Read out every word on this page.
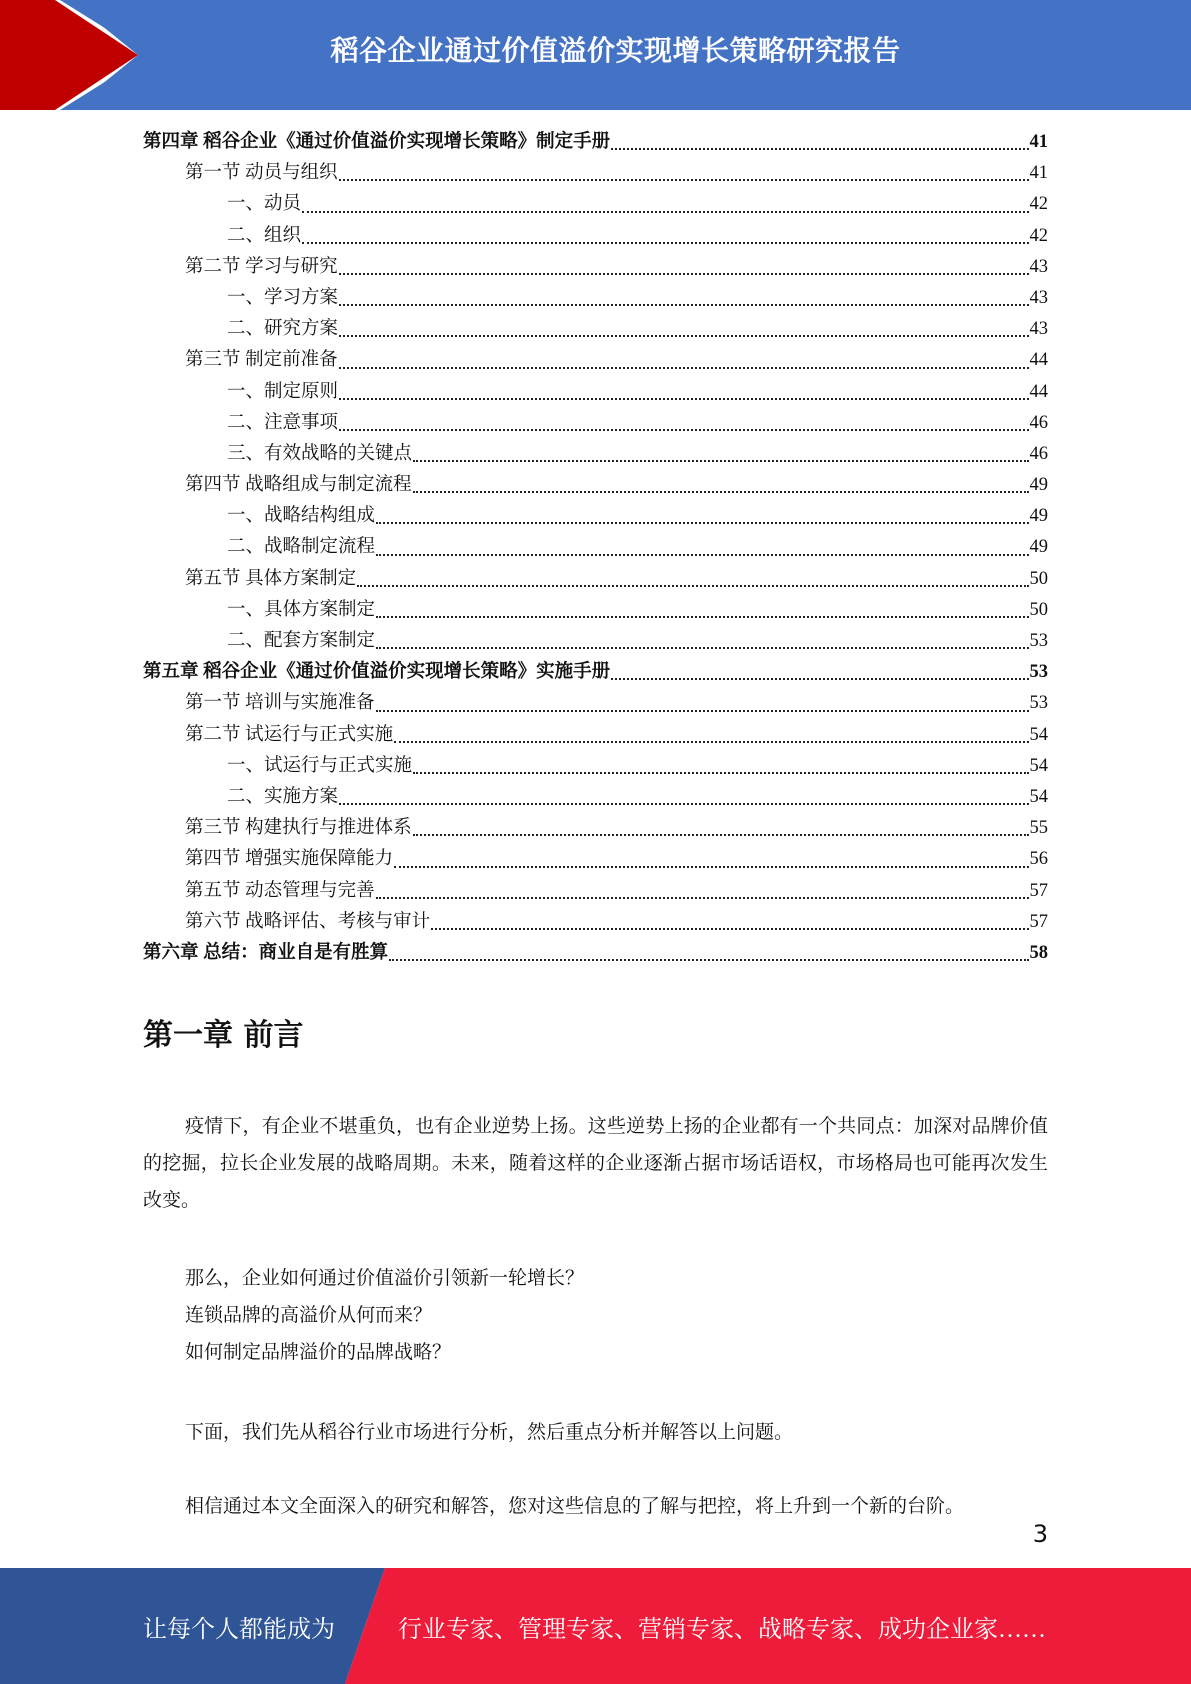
稻谷企业通过价值溢价实现增长策略研究报告
第四章 稻谷企业《通过价值溢价实现增长策略》制定手册	41
第一节 动员与组织	41
一、动员	42
二、组织	42
第二节 学习与研究	43
一、学习方案	43
二、研究方案	43
第三节 制定前准备	44
一、制定原则	44
二、注意事项	46
三、有效战略的关键点	46
第四节 战略组成与制定流程	49
一、战略结构组成	49
二、战略制定流程	49
第五节 具体方案制定	50
一、具体方案制定	50
二、配套方案制定	53
第五章 稻谷企业《通过价值溢价实现增长策略》实施手册	53
第一节 培训与实施准备	53
第二节 试运行与正式实施	54
一、试运行与正式实施	54
二、实施方案	54
第三节 构建执行与推进体系	55
第四节 增强实施保障能力	56
第五节 动态管理与完善	57
第六节 战略评估、考核与审计	57
第六章 总结：商业自是有胜算	58
第一章 前言

疫情下，有企业不堪重负，也有企业逆势上扬。这些逆势上扬的企业都有一个共同点：加深对品牌价值的挖掘，拉长企业发展的战略周期。未来，随着这样的企业逐渐占据市场话语权，市场格局也可能再次发生改变。

那么，企业如何通过价值溢价引领新一轮增长？

连锁品牌的高溢价从何而来？

如何制定品牌溢价的品牌战略？

下面，我们先从稻谷行业市场进行分析，然后重点分析并解答以上问题。

相信通过本文全面深入的研究和解答，您对这些信息的了解与把控，将上升到一个新的台阶。

3
让每个人都能成为	行业专家、管理专家、营销专家、战略专家、成功企业家……
